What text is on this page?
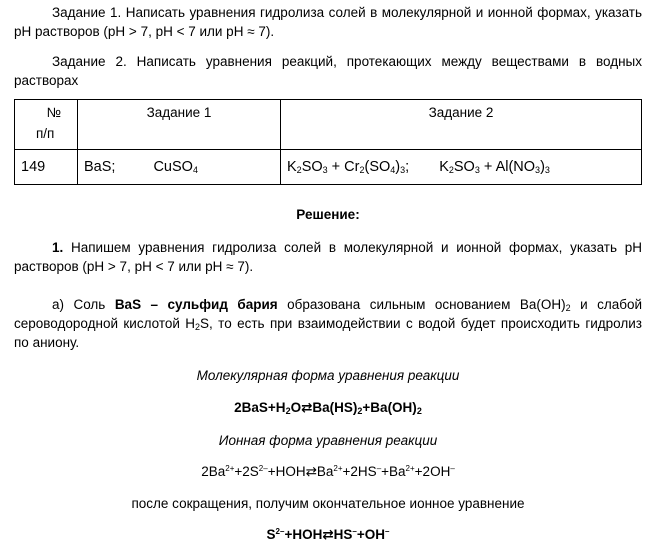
Задание 1. Написать уравнения гидролиза солей в молекулярной и ионной формах, указать pH растворов (pH > 7, pH < 7 или pH ≈ 7).
Задание 2. Написать уравнения реакций, протекающих между веществами в водных растворах
№
п/п	Задание 1	Задание 2

149	BaS; CuSO$_4$	$K_2SO_3 + Cr_2(SO_4)_3$; $K_2SO_3 + Al(NO_3)_3$
Решение:
1. Напишем уравнения гидролиза солей в молекулярной и ионной формах, указать pH растворов (pH > 7, pH < 7 или pH ≈ 7).
а) Соль BaS – сульфид бария образована сильным основанием $Ba(OH)_2$ и слабой сероводородной кислотой $H_2S$, то есть при взаимодействии с водой будет происходить гидролиз по аниону.
Молекулярная форма уравнения реакции
$2BaS+H_2O⇄Ba(HS)_2+Ba(OH)_2$
Ионная форма уравнения реакции
$2Ba^{2+}+2S^{2-}+HOH⇄Ba^{2+}+2HS^-+Ba^{2+}+2OH^-$
после сокращения, получим окончательное ионное уравнение
$S^{2-}+HOH⇄HS^-+OH^-$
